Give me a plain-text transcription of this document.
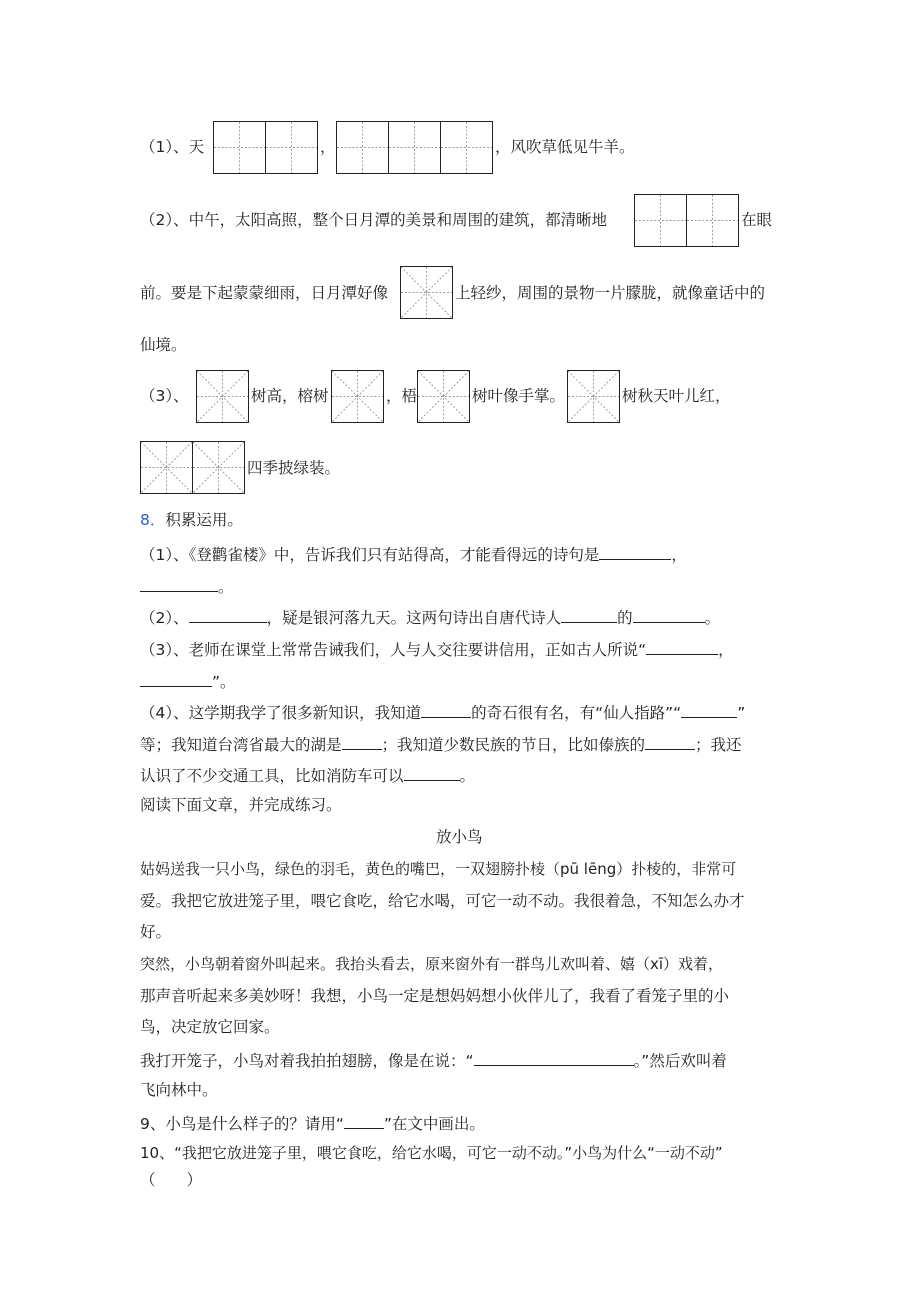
（1）、天	，	，风吹草低见牛羊。
（2）、中午，太阳高照，整个日月潭的美景和周围的建筑，都清晰地	在眼
前。要是下起蒙蒙细雨，日月潭好像	上轻纱，周围的景物一片朦胧，就像童话中的
仙境。
（3）、	树高，榕树	，梧	树叶像手掌。	树秋天叶儿红，
四季披绿装。
8．积累运用。
（1）、《登鹳雀楼》中，告诉我们只有站得高，才能看得远的诗句是	，
。
（2）、	，疑是银河落九天。这两句诗出自唐代诗人	的	。
（3）、老师在课堂上常常告诫我们，人与人交往要讲信用，正如古人所说“	，
”。
（4）、这学期我学了很多新知识，我知道	的奇石很有名，有“仙人指路”“	”
等；我知道台湾省最大的湖是	；我知道少数民族的节日，比如傣族的	；我还
认识了不少交通工具，比如消防车可以	。
阅读下面文章，并完成练习。
放小鸟
姑妈送我一只小鸟，绿色的羽毛，黄色的嘴巴，一双翅膀扑棱（pū lēng）扑棱的，非常可
爱。我把它放进笼子里，喂它食吃，给它水喝，可它一动不动。我很着急，不知怎么办才
好。
突然，小鸟朝着窗外叫起来。我抬头看去，原来窗外有一群鸟儿欢叫着、嬉（xī）戏着，
那声音听起来多美妙呀！我想，小鸟一定是想妈妈想小伙伴儿了，我看了看笼子里的小
鸟，决定放它回家。
我打开笼子，小鸟对着我拍拍翅膀，像是在说：“	。”然后欢叫着
飞向林中。
9、小鸟是什么样子的？请用“	”在文中画出。
10、“我把它放进笼子里，喂它食吃，给它水喝，可它一动不动。”小鸟为什么“一动不动”
（　　）
